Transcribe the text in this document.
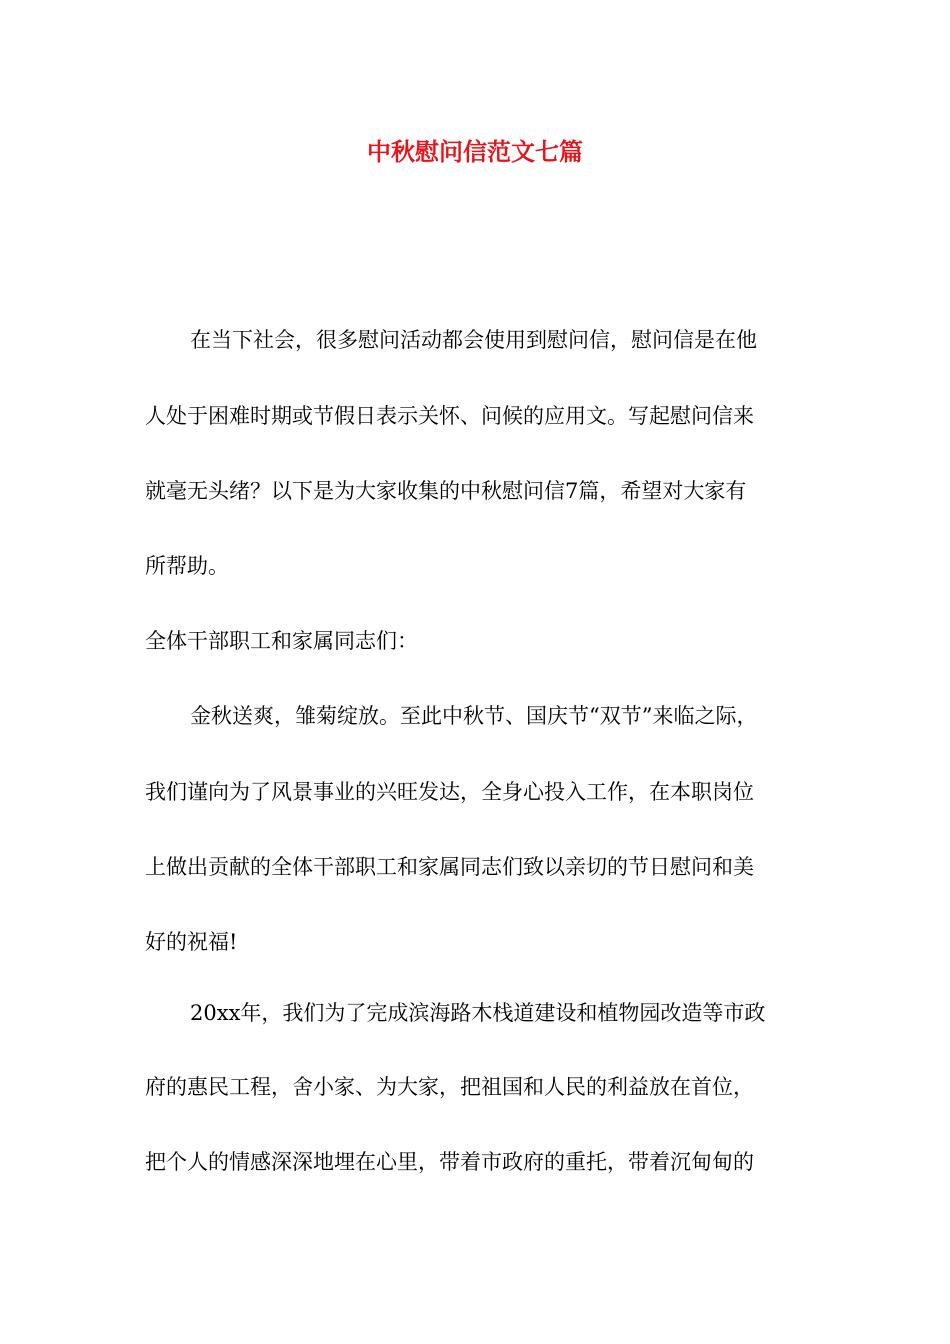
中秋慰问信范文七篇
在当下社会，很多慰问活动都会使用到慰问信，慰问信是在他
人处于困难时期或节假日表示关怀、问候的应用文。写起慰问信来
就毫无头绪？以下是为大家收集的中秋慰问信7篇，希望对大家有
所帮助。
全体干部职工和家属同志们：
金秋送爽，雏菊绽放。至此中秋节、国庆节“双节”来临之际，
我们谨向为了风景事业的兴旺发达，全身心投入工作，在本职岗位
上做出贡献的全体干部职工和家属同志们致以亲切的节日慰问和美
好的祝福!
20xx年，我们为了完成滨海路木栈道建设和植物园改造等市政
府的惠民工程，舍小家、为大家，把祖国和人民的利益放在首位，
把个人的情感深深地埋在心里，带着市政府的重托，带着沉甸甸的
